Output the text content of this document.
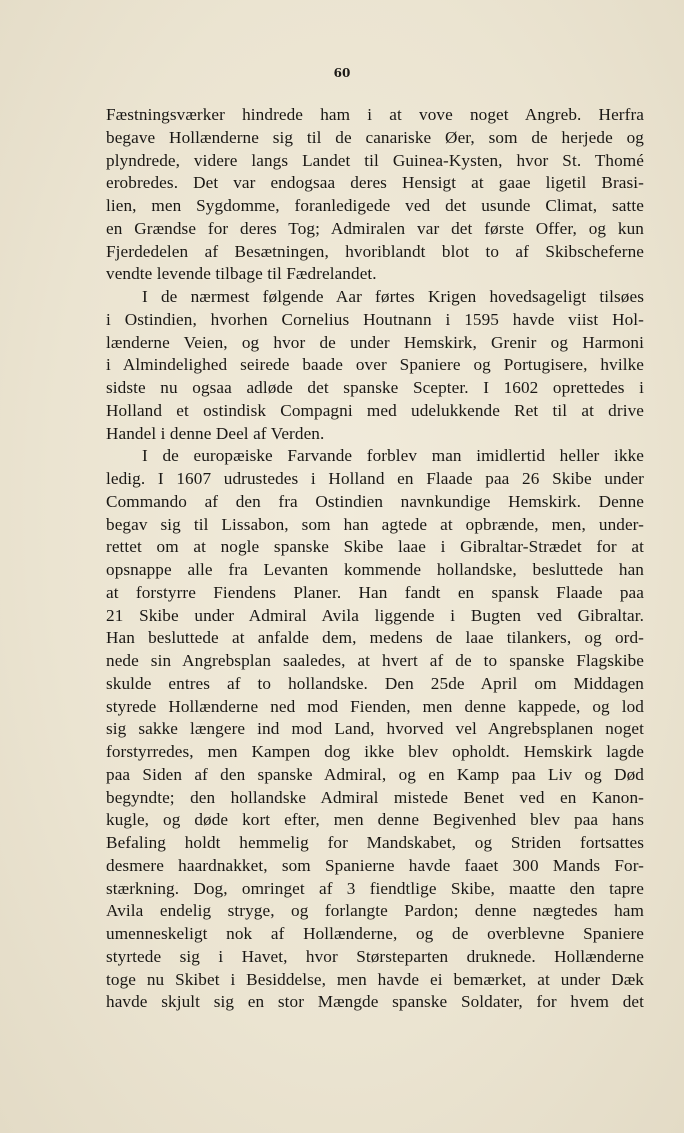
60
Fæstningsværker hindrede ham i at vove noget Angreb. Herfra
begave Hollænderne sig til de canariske Øer, som de herjede og
plyndrede, videre langs Landet til Guinea-Kysten, hvor St. Thomé
erobredes. Det var endogsaa deres Hensigt at gaae ligetil Brasi-
lien, men Sygdomme, foranledigede ved det usunde Climat, satte
en Grændse for deres Tog; Admiralen var det første Offer, og kun
Fjerdedelen af Besætningen, hvoriblandt blot to af Skibscheferne
vendte levende tilbage til Fædrelandet.
I de nærmest følgende Aar førtes Krigen hovedsageligt tilsøes
i Ostindien, hvorhen Cornelius Houtnann i 1595 havde viist Hol-
lænderne Veien, og hvor de under Hemskirk, Grenir og Harmoni
i Almindelighed seirede baade over Spaniere og Portugisere, hvilke
sidste nu ogsaa adløde det spanske Scepter. I 1602 oprettedes i
Holland et ostindisk Compagni med udelukkende Ret til at drive
Handel i denne Deel af Verden.
I de europæiske Farvande forblev man imidlertid heller ikke
ledig. I 1607 udrustedes i Holland en Flaade paa 26 Skibe under
Commando af den fra Ostindien navnkundige Hemskirk. Denne
begav sig til Lissabon, som han agtede at opbrænde, men, under-
rettet om at nogle spanske Skibe laae i Gibraltar-Strædet for at
opsnappe alle fra Levanten kommende hollandske, besluttede han
at forstyrre Fiendens Planer. Han fandt en spansk Flaade paa
21 Skibe under Admiral Avila liggende i Bugten ved Gibraltar.
Han besluttede at anfalde dem, medens de laae tilankers, og ord-
nede sin Angrebsplan saaledes, at hvert af de to spanske Flagskibe
skulde entres af to hollandske. Den 25de April om Middagen
styrede Hollænderne ned mod Fienden, men denne kappede, og lod
sig sakke længere ind mod Land, hvorved vel Angrebsplanen noget
forstyrredes, men Kampen dog ikke blev opholdt. Hemskirk lagde
paa Siden af den spanske Admiral, og en Kamp paa Liv og Død
begyndte; den hollandske Admiral mistede Benet ved en Kanon-
kugle, og døde kort efter, men denne Begivenhed blev paa hans
Befaling holdt hemmelig for Mandskabet, og Striden fortsattes
desmere haardnakket, som Spanierne havde faaet 300 Mands For-
stærkning. Dog, omringet af 3 fiendtlige Skibe, maatte den tapre
Avila endelig stryge, og forlangte Pardon; denne nægtedes ham
umenneskeligt nok af Hollænderne, og de overblevne Spaniere
styrtede sig i Havet, hvor Størsteparten druknede. Hollænderne
toge nu Skibet i Besiddelse, men havde ei bemærket, at under Dæk
havde skjult sig en stor Mængde spanske Soldater, for hvem det
